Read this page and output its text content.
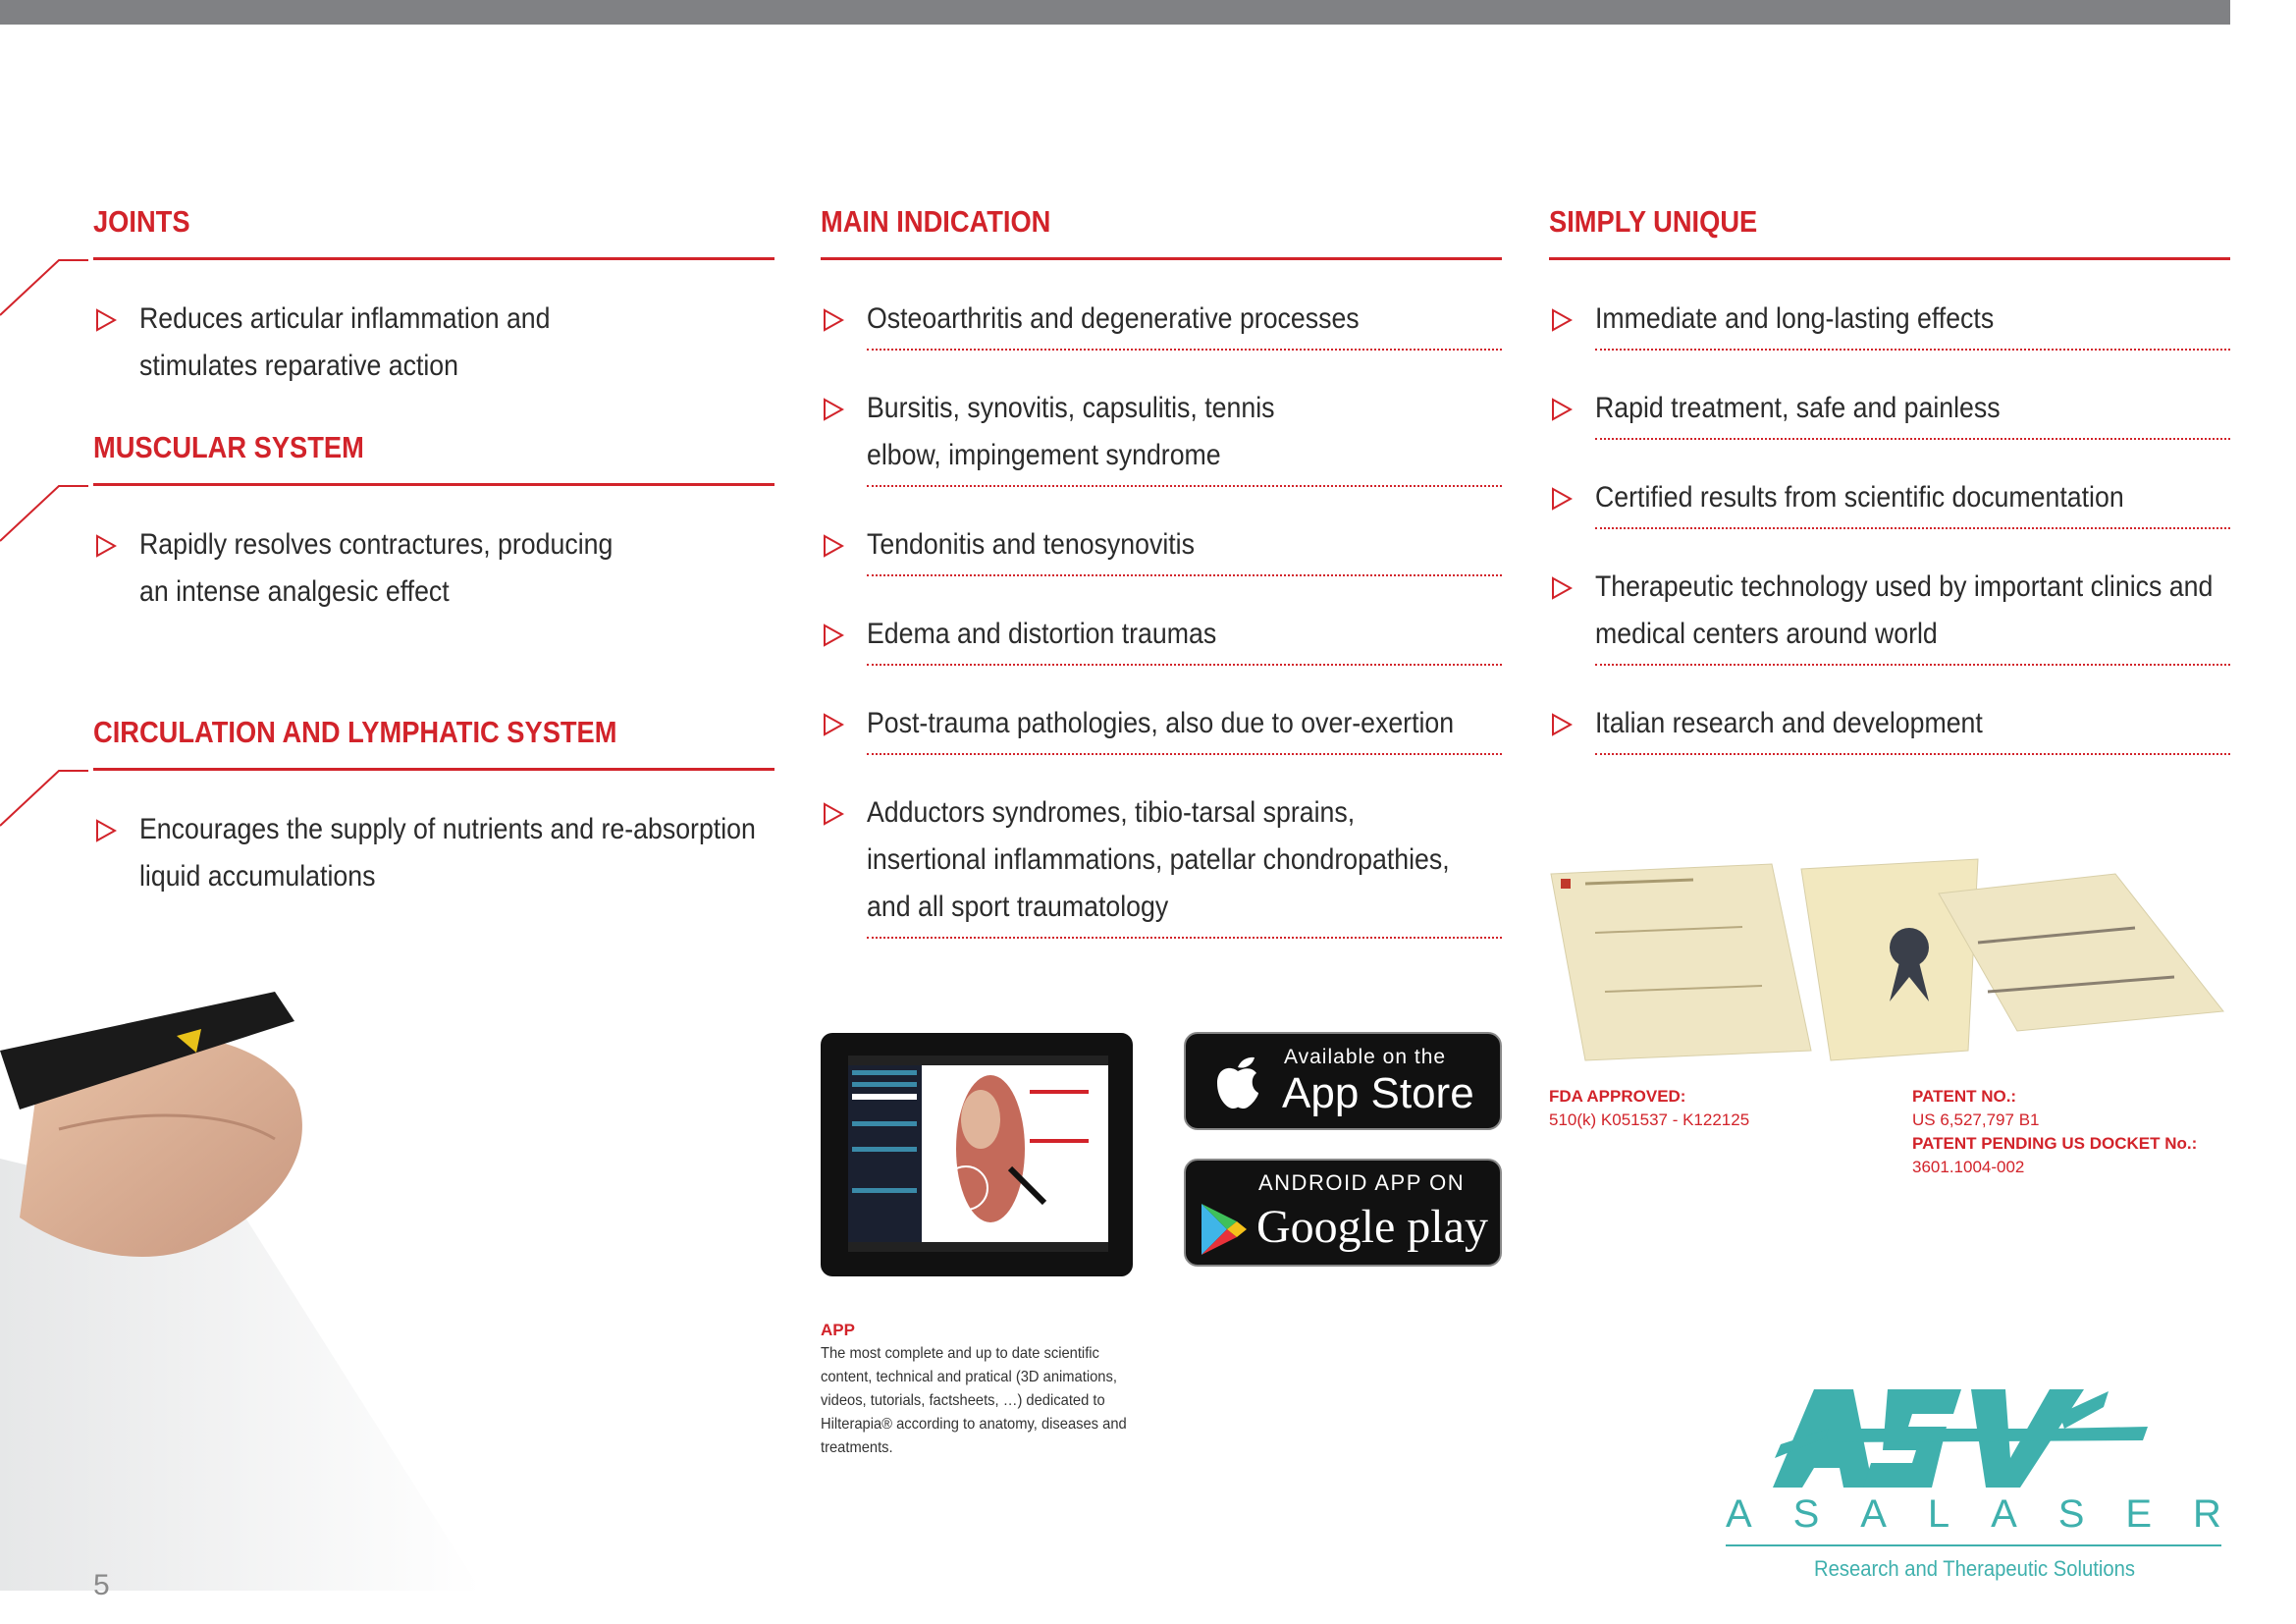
JOINTS
Reduces articular inflammation and stimulates reparative action
MUSCULAR SYSTEM
Rapidly resolves contractures, producing an intense analgesic effect
CIRCULATION AND LYMPHATIC SYSTEM
Encourages the supply of nutrients and re-absorption liquid accumulations
MAIN INDICATION
Osteoarthritis and degenerative processes
Bursitis, synovitis, capsulitis, tennis elbow, impingement syndrome
Tendonitis and tenosynovitis
Edema and distortion traumas
Post-trauma pathologies, also due to over-exertion
Adductors syndromes, tibio-tarsal sprains, insertional inflammations, patellar chondropathies, and all sport traumatology
SIMPLY UNIQUE
Immediate and long-lasting effects
Rapid treatment, safe and painless
Certified results from scientific documentation
Therapeutic technology used by important clinics and medical centers around world
Italian research and development
5
Available on the
App Store
ANDROID APP ON
Google play
APP
The most complete and up to date scientific content, technical and pratical (3D animations, videos, tutorials, factsheets, …) dedicated to Hilterapia® according to anatomy, diseases and treatments.
FDA APPROVED:
510(k) K051537 - K122125
PATENT NO.:
US 6,527,797 B1
PATENT PENDING US DOCKET No.:
3601.1004-002
A S A L A S E R
Research and Therapeutic Solutions
